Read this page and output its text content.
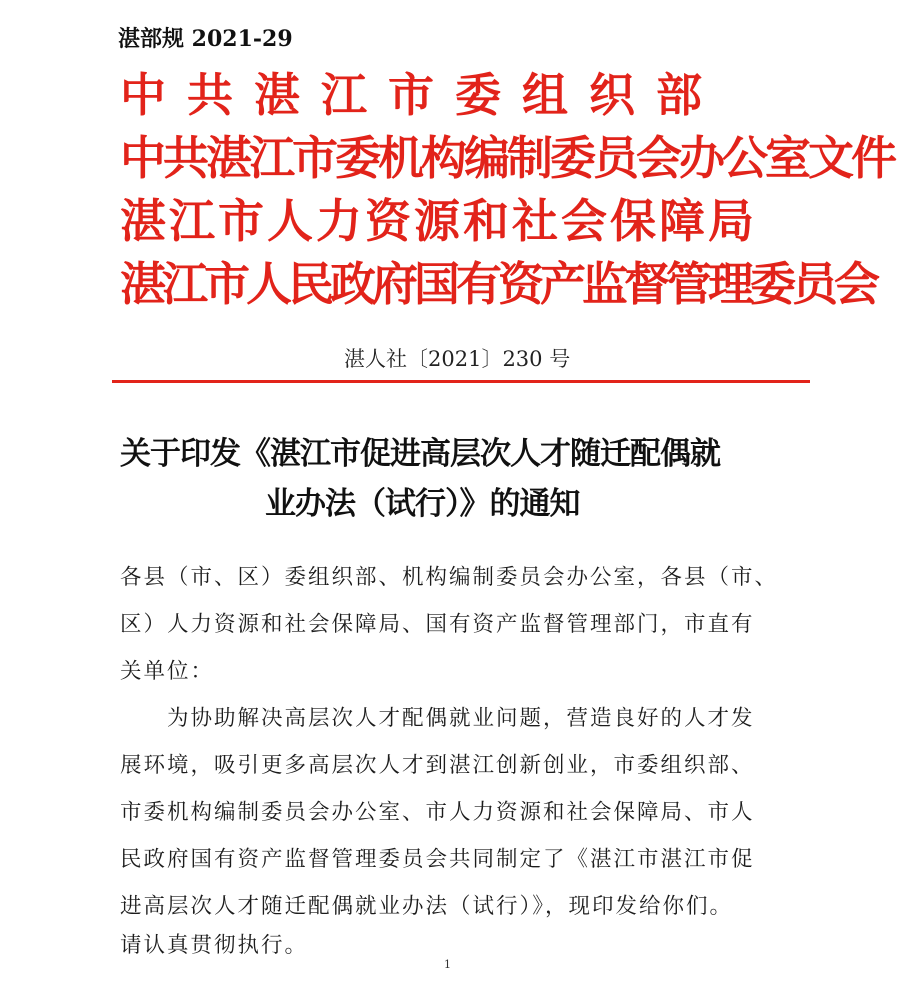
湛部规 2021-29
中共湛江市委组织部
中共湛江市委机构编制委员会办公室文件
湛江市人力资源和社会保障局
湛江市人民政府国有资产监督管理委员会
湛人社〔2021〕230 号
关于印发《湛江市促进高层次人才随迁配偶就
业办法（试行）》的通知
各县（市、区）委组织部、机构编制委员会办公室，各县（市、
区）人力资源和社会保障局、国有资产监督管理部门，市直有
关单位：
为协助解决高层次人才配偶就业问题，营造良好的人才发
展环境，吸引更多高层次人才到湛江创新创业，市委组织部、
市委机构编制委员会办公室、市人力资源和社会保障局、市人
民政府国有资产监督管理委员会共同制定了《湛江市湛江市促
进高层次人才随迁配偶就业办法（试行）》，现印发给你们。
请认真贯彻执行。
1
